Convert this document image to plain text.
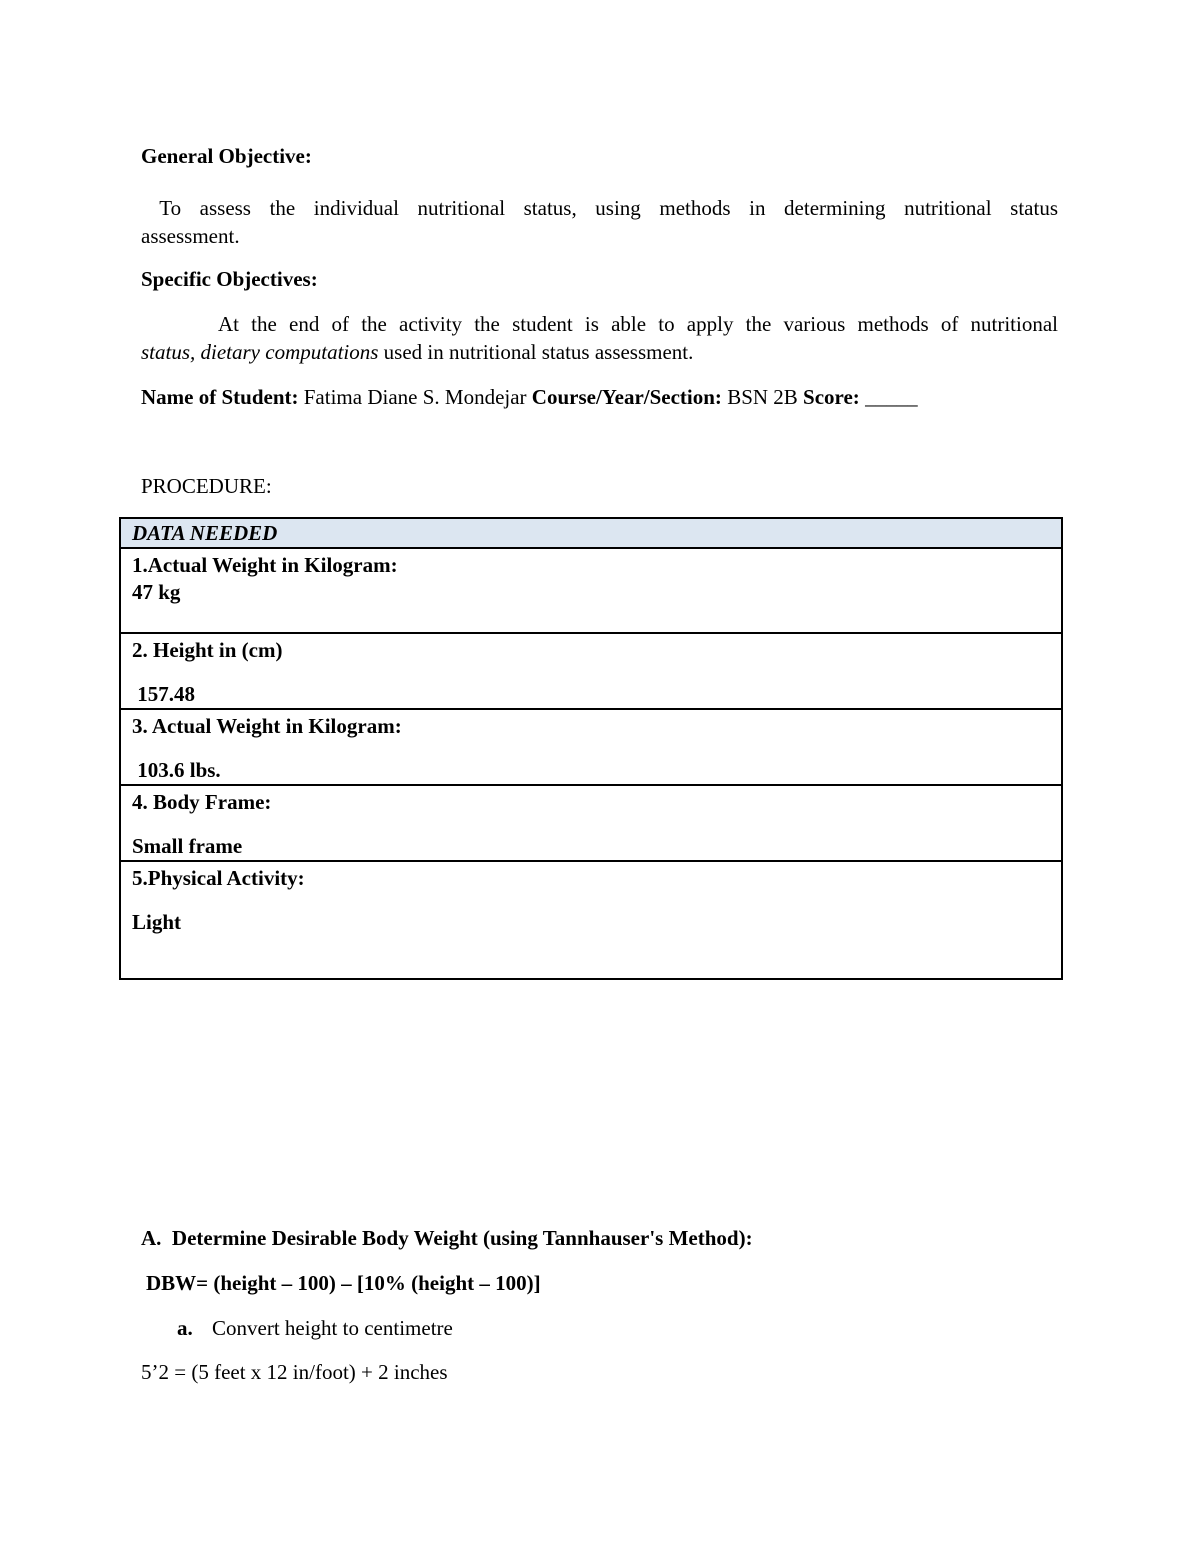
General Objective:
To assess the individual nutritional status, using methods in determining nutritional status
assessment.
Specific Objectives:
At the end of the activity the student is able to apply the various methods of nutritional
status, dietary computations used in nutritional status assessment.
Name of Student: Fatima Diane S. Mondejar Course/Year/Section: BSN 2B Score: _____
PROCEDURE:
DATA NEEDED

1.Actual Weight in Kilogram:
47 kg

2. Height in (cm)
157.48

3. Actual Weight in Kilogram:
103.6 lbs.

4. Body Frame:
Small frame

5.Physical Activity:
Light
A.  Determine Desirable Body Weight (using Tannhauser's Method):
DBW= (height – 100) – [10% (height – 100)]
a. Convert height to centimetre
5’2 = (5 feet x 12 in/foot) + 2 inches
